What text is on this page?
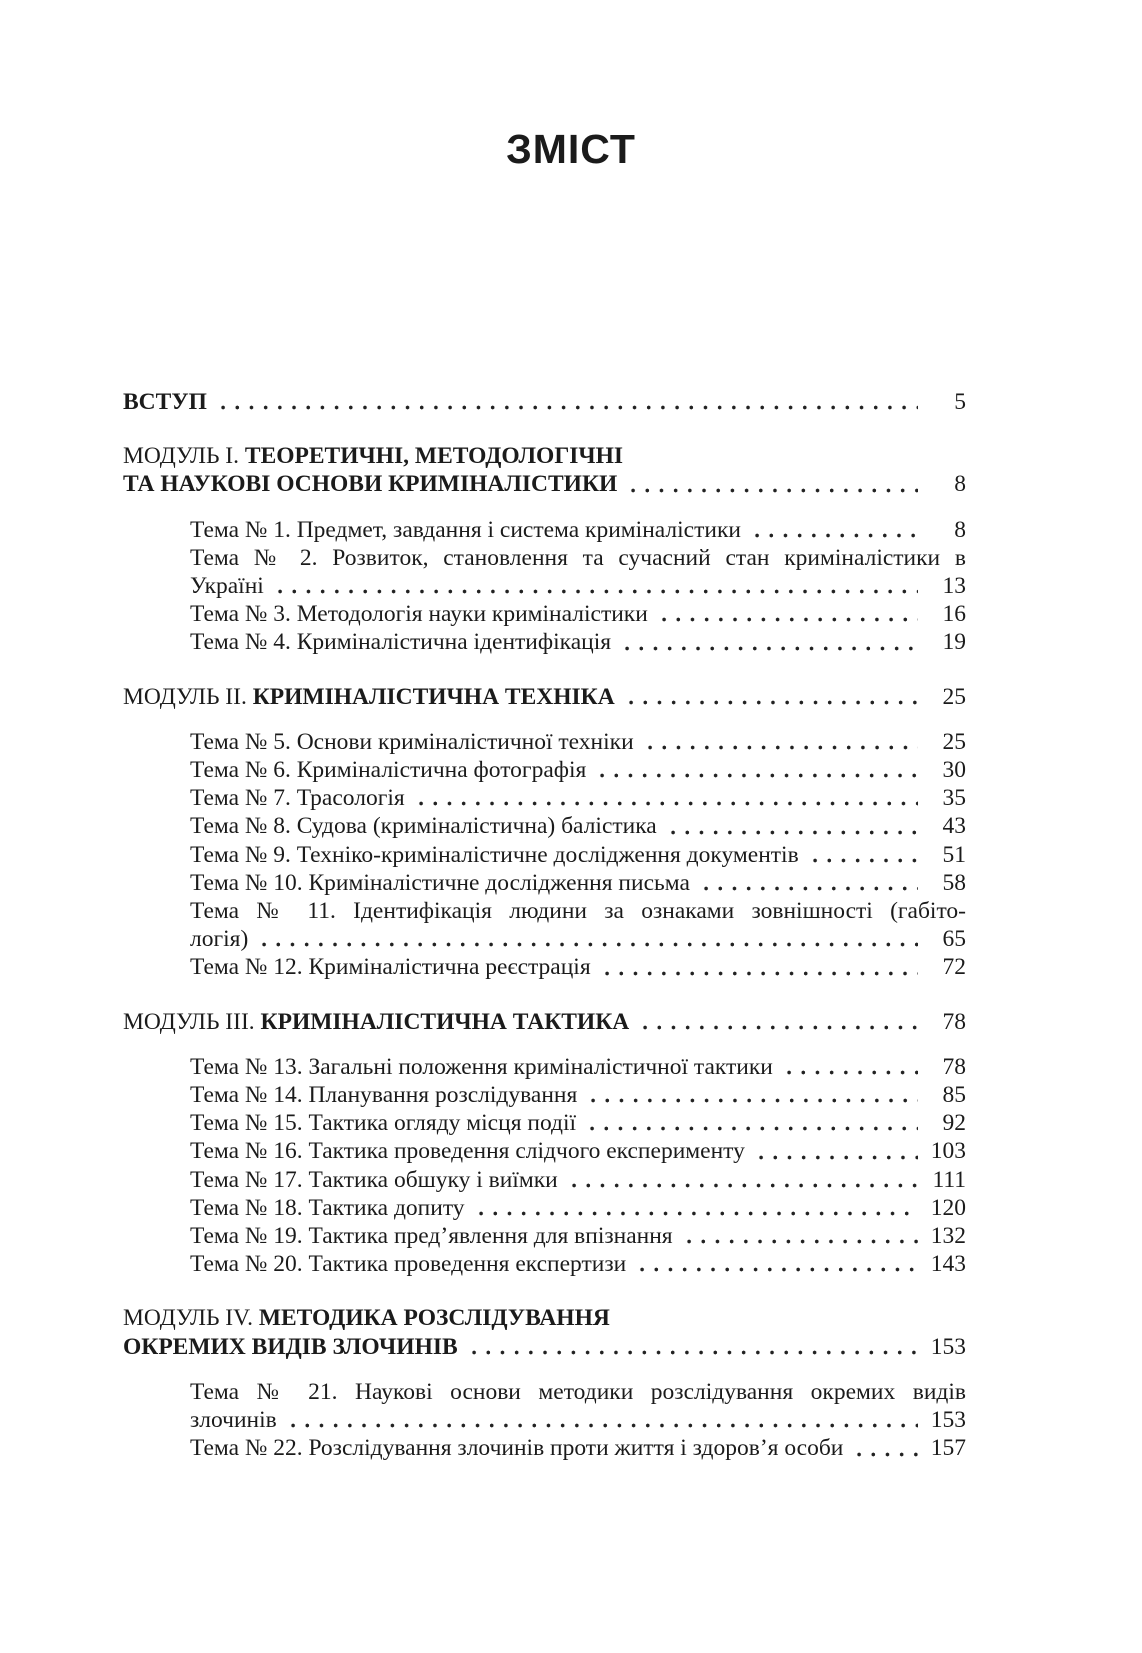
ЗМІСТ
ВСТУП	5
МОДУЛЬ I. ТЕОРЕТИЧНІ, МЕТОДОЛОГІЧНІ
ТА НАУКОВІ ОСНОВИ КРИМІНАЛІСТИКИ	8
Тема № 1. Предмет, завдання і система криміналістики	8
Тема № 2. Розвиток, становлення та сучасний стан криміналістики в
Україні	13
Тема № 3. Методологія науки криміналістики	16
Тема № 4. Криміналістична ідентифікація	19
МОДУЛЬ II. КРИМІНАЛІСТИЧНА ТЕХНІКА	25
Тема № 5. Основи криміналістичної техніки	25
Тема № 6. Криміналістична фотографія	30
Тема № 7. Трасологія	35
Тема № 8. Судова (криміналістична) балістика	43
Тема № 9. Техніко-криміналістичне дослідження документів	51
Тема № 10. Криміналістичне дослідження письма	58
Тема № 11. Ідентифікація людини за ознаками зовнішності (габіто-
логія)	65
Тема № 12. Криміналістична реєстрація	72
МОДУЛЬ III. КРИМІНАЛІСТИЧНА ТАКТИКА	78
Тема № 13. Загальні положення криміналістичної тактики	78
Тема № 14. Планування розслідування	85
Тема № 15. Тактика огляду місця події	92
Тема № 16. Тактика проведення слідчого експерименту	103
Тема № 17. Тактика обшуку і виїмки	111
Тема № 18. Тактика допиту	120
Тема № 19. Тактика пред’явлення для впізнання	132
Тема № 20. Тактика проведення експертизи	143
МОДУЛЬ IV. МЕТОДИКА РОЗСЛІДУВАННЯ
ОКРЕМИХ ВИДІВ ЗЛОЧИНІВ	153
Тема № 21. Наукові основи методики розслідування окремих видів
злочинів	153
Тема № 22. Розслідування злочинів проти життя і здоров’я особи	157
